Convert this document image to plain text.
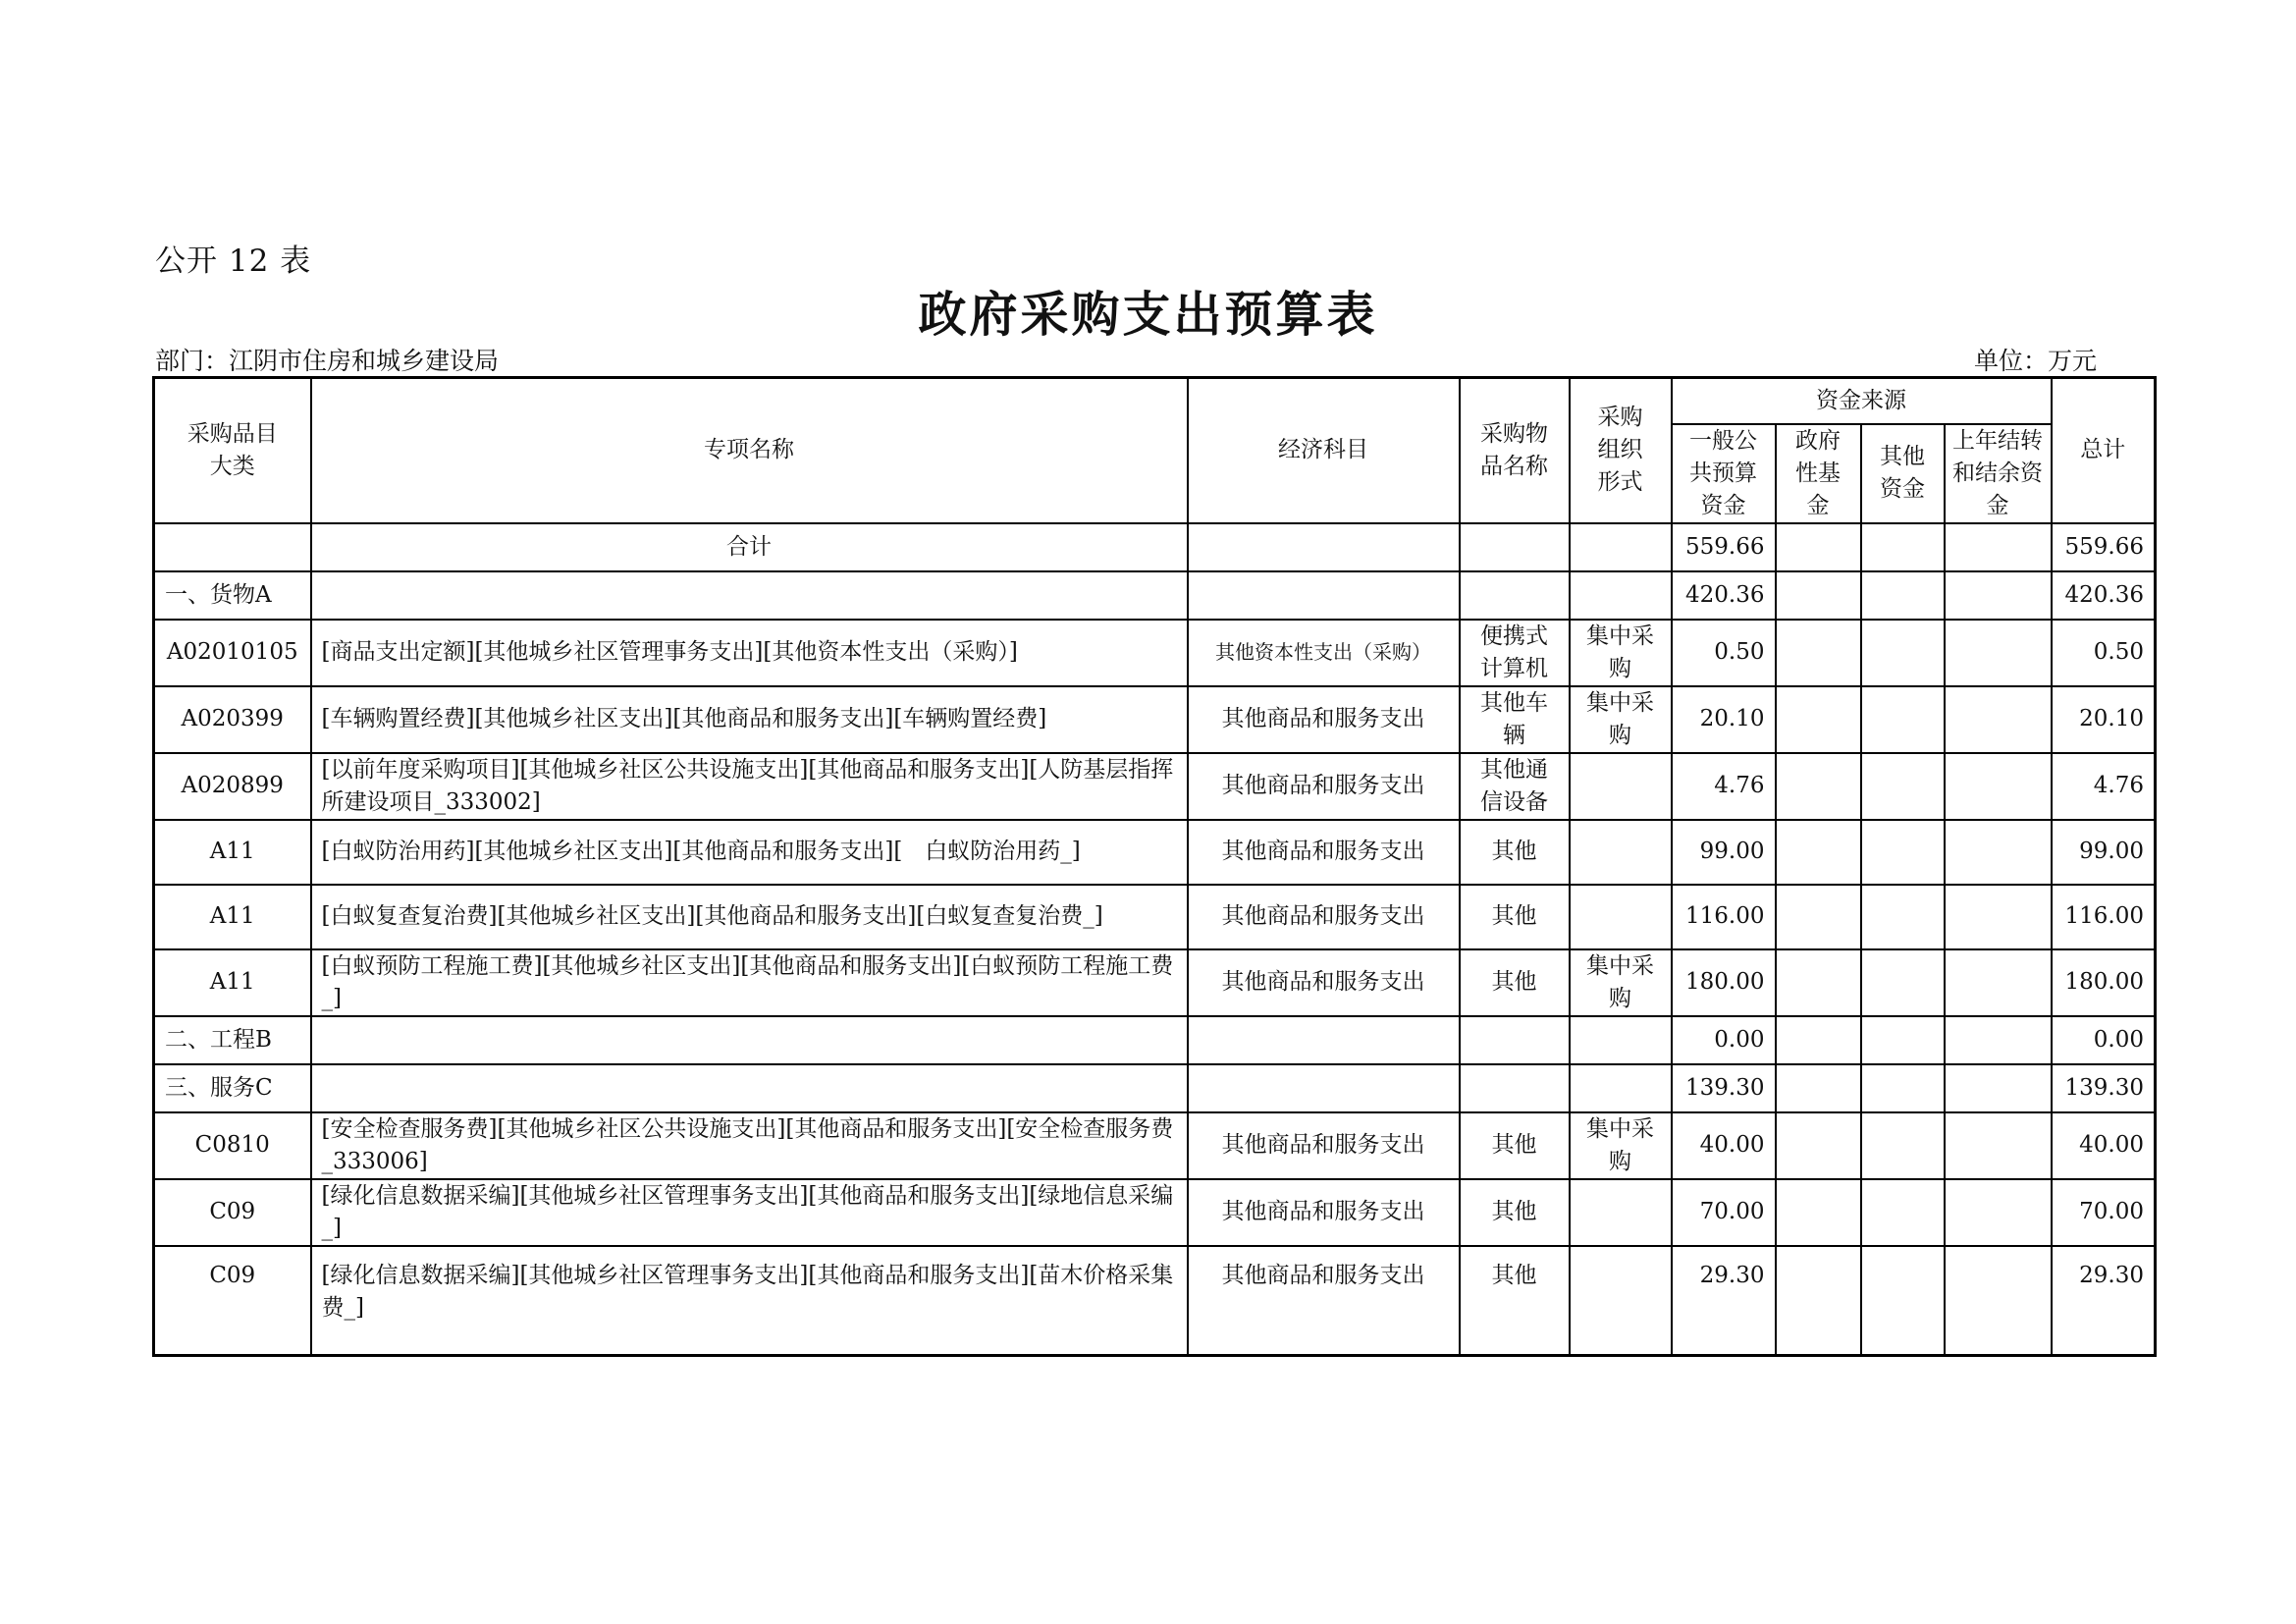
公开 12 表
政府采购支出预算表
部门：江阴市住房和城乡建设局	单位：万元
采购品目大类	专项名称	经济科目	采购物品名称	采购组织形式	资金来源				总计
					一般公共预算资金	政府性基金	其他资金	上年结转和结余资金	
	合计				559.66				559.66
一、货物A					420.36				420.36
A02010105	[商品支出定额][其他城乡社区管理事务支出][其他资本性支出（采购）]	其他资本性支出（采购）	便携式计算机	集中采购	0.50				0.50
A020399	[车辆购置经费][其他城乡社区支出][其他商品和服务支出][车辆购置经费]	其他商品和服务支出	其他车辆	集中采购	20.10				20.10
A020899	[以前年度采购项目][其他城乡社区公共设施支出][其他商品和服务支出][人防基层指挥所建设项目_333002]	其他商品和服务支出	其他通信设备		4.76				4.76
A11	[白蚁防治用药][其他城乡社区支出][其他商品和服务支出][　白蚁防治用药_]	其他商品和服务支出	其他		99.00				99.00
A11	[白蚁复查复治费][其他城乡社区支出][其他商品和服务支出][白蚁复查复治费_]	其他商品和服务支出	其他		116.00				116.00
A11	[白蚁预防工程施工费][其他城乡社区支出][其他商品和服务支出][白蚁预防工程施工费_]	其他商品和服务支出	其他	集中采购	180.00				180.00
二、工程B					0.00				0.00
三、服务C					139.30				139.30
C0810	[安全检查服务费][其他城乡社区公共设施支出][其他商品和服务支出][安全检查服务费_333006]	其他商品和服务支出	其他	集中采购	40.00				40.00
C09	[绿化信息数据采编][其他城乡社区管理事务支出][其他商品和服务支出][绿地信息采编_]	其他商品和服务支出	其他		70.00				70.00
C09	[绿化信息数据采编][其他城乡社区管理事务支出][其他商品和服务支出][苗木价格采集费_]	其他商品和服务支出	其他		29.30				29.30
